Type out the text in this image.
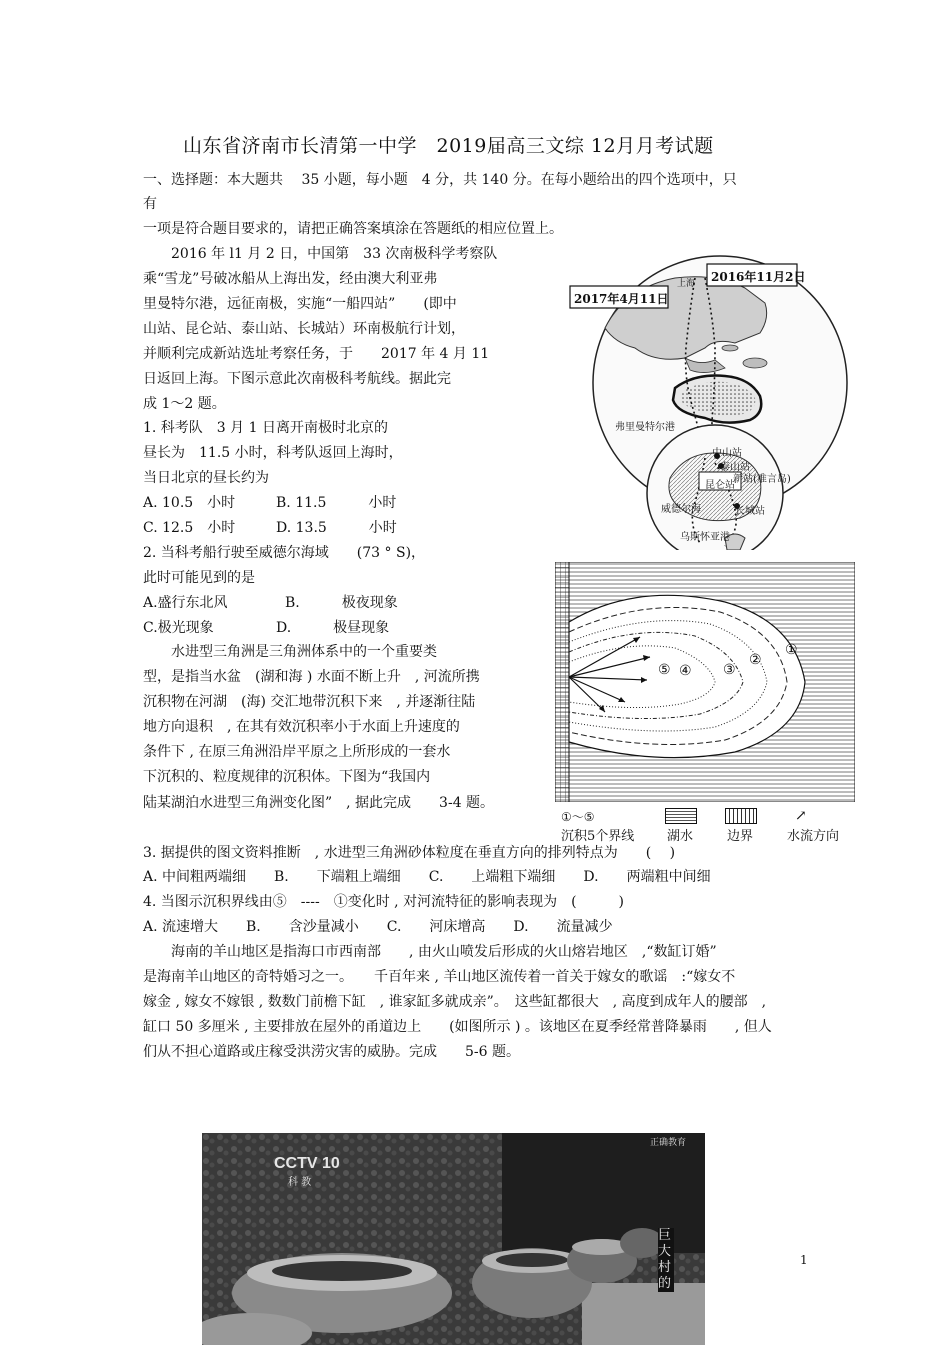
山东省济南市长清第一中学　2019届高三文综 12月月考试题
一、选择题：本大题共　 35 小题，每小题　4 分，共 140 分。在每小题给出的四个选项中，只
有
一项是符合题目要求的，请把正确答案填涂在答题纸的相应位置上。
　　2016 年 l1 月 2 日，中国第　33 次南极科学考察队
乘“雪龙”号破冰船从上海出发，经由澳大利亚弗
里曼特尔港，远征南极，实施“一船四站”　　(即中
山站、昆仑站、泰山站、长城站）环南极航行计划，
并顺利完成新站选址考察任务，于　　2017 年 4 月 11
日返回上海。下图示意此次南极科考航线。据此完
成 1～2 题。
1. 科考队　3 月 1 日离开南极时北京的
昼长为　11.5 小时，科考队返回上海时，
当日北京的昼长约为
A. 10.5　小时	B. 11.5　　　小时
C. 12.5　小时	D. 13.5　　　小时
2. 当科考船行驶至威德尔海域　　(73 ° S)，
此时可能见到的是
A.盛行东北风	B.　　　极夜现象
C.极光现象	D.　　　极昼现象
　　水进型三角洲是三角洲体系中的一个重要类
型，是指当水盆　(湖和海 ) 水面不断上升　, 河流所携
沉积物在河湖　(海) 交汇地带沉积下来　, 并逐渐往陆
地方向退积　, 在其有效沉积率小于水面上升速度的
条件下 , 在原三角洲沿岸平原之上所形成的一套水
下沉积的、粒度规律的沉积体。下图为“我国内
陆某湖泊水进型三角洲变化图”　, 据此完成　　3-4 题。
3. 据提供的图文资料推断　, 水进型三角洲砂体粒度在垂直方向的排列特点为　　(　 )
A. 中间粗两端细　　B.　　下端粗上端细　　C.　　上端粗下端细　　D.　　两端粗中间细
4. 当图示沉积界线由⑤　----　①变化时 , 对河流特征的影响表现为　(　　　)
A. 流速增大　　B.　　含沙量减小　　C.　　河床增高　　D.　　流量减少
　　海南的羊山地区是指海口市西南部　　, 由火山喷发后形成的火山熔岩地区　,“数缸订婚”
是海南羊山地区的奇特婚习之一。　　千百年来 , 羊山地区流传着一首关于嫁女的歌谣　:“嫁女不
嫁金 , 嫁女不嫁银 , 数数门前檐下缸　, 谁家缸多就成亲”。　这些缸都很大　, 高度到成年人的腰部　,
缸口 50 多厘米 , 主要排放在屋外的甬道边上　　(如图所示 ) 。该地区在夏季经常普降暴雨　　, 但人
们从不担心道路或庄稼受洪涝灾害的威胁。完成　　5-6 题。
2016年11月2日
2017年4月11日
上海
弗里曼特尔港
中山站
泰山站
新站(难言岛)
昆仑站
威德尔海	长城站
乌斯怀亚港
⑤ ④ ③
②
①
①～⑤
沉积5个界线	湖水	边界
↗
水流方向
CCTV 10
科 教
正确教育
巨 大 村 的
1
